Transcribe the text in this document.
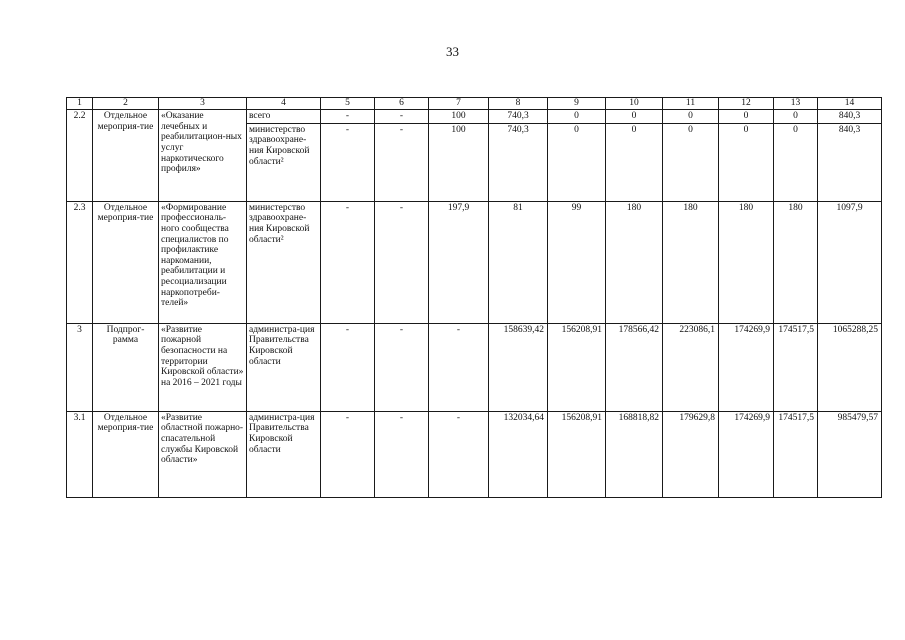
33
1	2	3	4	5	6	7	8	9	10	11	12	13	14
2.2	Отдельное мероприя-тие	«Оказание лечебных и реабилитацион-ных услуг наркотического профиля»	всего	-	-	100	740,3	0	0	0	0	0	840,3
			министерство здравоохране-ния Кировской области²	-	-	100	740,3	0	0	0	0	0	840,3
2.3	Отдельное мероприя-тие	«Формирование профессиональ-ного сообщества специалистов по профилактике наркомании, реабилитации и ресоциализации наркопотреби-телей»	министерство здравоохране-ния Кировской области²	-	-	197,9	81	99	180	180	180	180	1097,9
3	Подпрог-рамма	«Развитие пожарной безопасности на территории Кировской области» на 2016 – 2021 годы	администра-ция Правительства Кировской области	-	-	-	158639,42	156208,91	178566,42	223086,1	174269,9	174517,5	1065288,25
3.1	Отдельное мероприя-тие	«Развитие областной пожарно-спасательной службы Кировской области»	администра-ция Правительства Кировской области	-	-	-	132034,64	156208,91	168818,82	179629,8	174269,9	174517,5	985479,57
